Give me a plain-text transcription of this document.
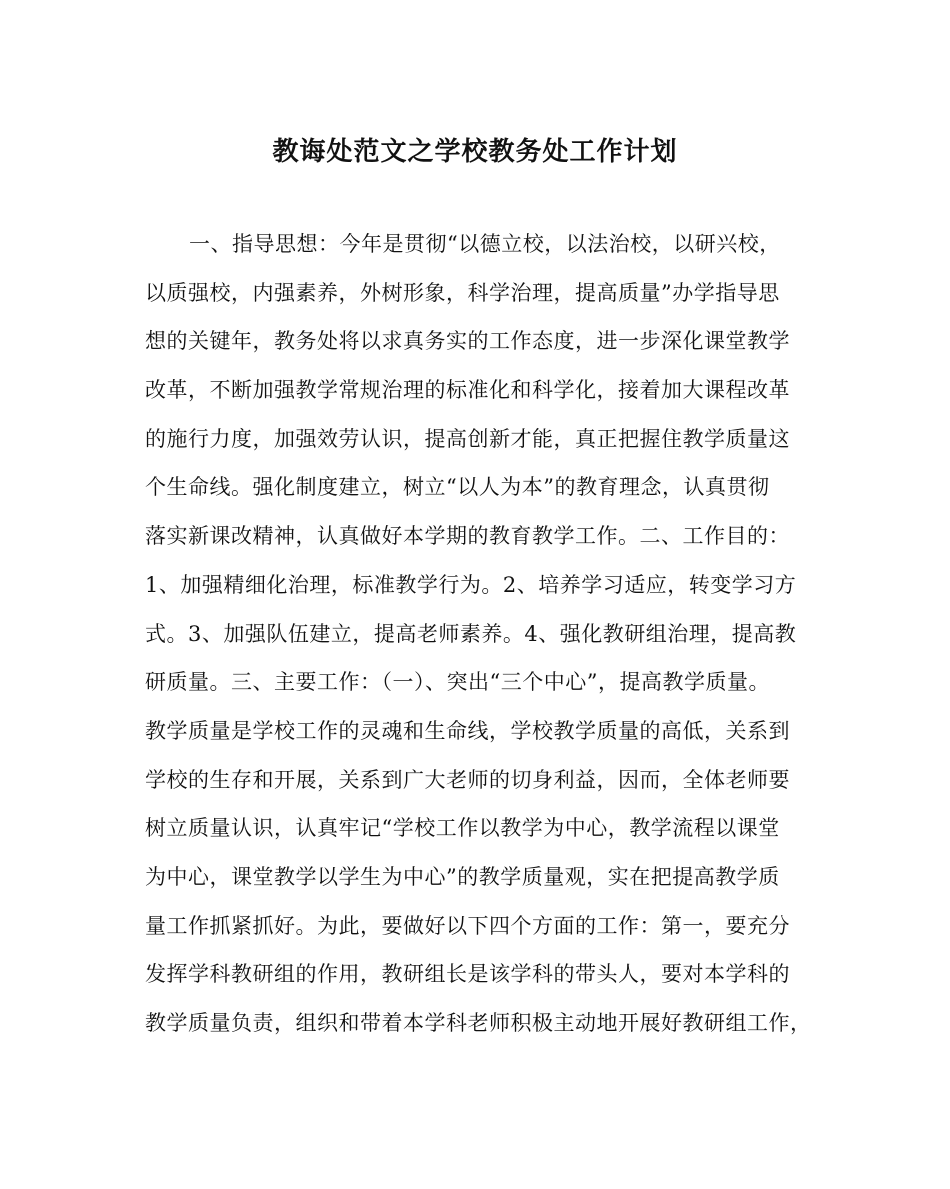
教诲处范文之学校教务处工作计划
一、指导思想：今年是贯彻“以德立校，以法治校，以研兴校，
以质强校，内强素养，外树形象，科学治理，提高质量”办学指导思
想的关键年，教务处将以求真务实的工作态度，进一步深化课堂教学
改革，不断加强教学常规治理的标准化和科学化，接着加大课程改革
的施行力度，加强效劳认识，提高创新才能，真正把握住教学质量这
个生命线。强化制度建立，树立“以人为本”的教育理念，认真贯彻
落实新课改精神，认真做好本学期的教育教学工作。二、工作目的：
1、加强精细化治理，标准教学行为。2、培养学习适应，转变学习方
式。3、加强队伍建立，提高老师素养。4、强化教研组治理，提高教
研质量。三、主要工作：（一）、突出“三个中心”，提高教学质量。
教学质量是学校工作的灵魂和生命线，学校教学质量的高低，关系到
学校的生存和开展，关系到广大老师的切身利益，因而，全体老师要
树立质量认识，认真牢记“学校工作以教学为中心，教学流程以课堂
为中心，课堂教学以学生为中心”的教学质量观，实在把提高教学质
量工作抓紧抓好。为此，要做好以下四个方面的工作：第一，要充分
发挥学科教研组的作用，教研组长是该学科的带头人，要对本学科的
教学质量负责，组织和带着本学科老师积极主动地开展好教研组工作，
